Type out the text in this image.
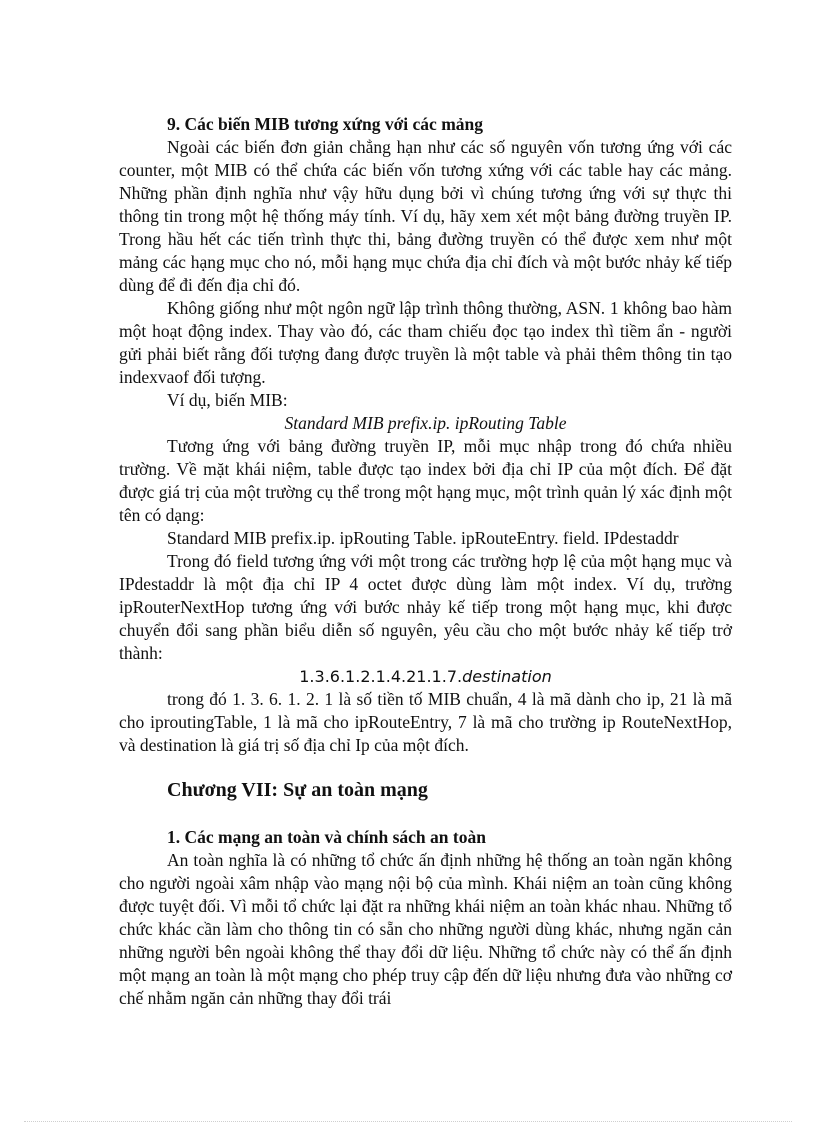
9. Các biến MIB tương xứng với các mảng

Ngoài các biến đơn giản chẳng hạn như các số nguyên vốn tương ứng với các counter, một MIB có thể chứa các biến vốn tương xứng với các table hay các mảng. Những phần định nghĩa như vậy hữu dụng bởi vì chúng tương ứng với sự thực thi thông tin trong một hệ thống máy tính. Ví dụ, hãy xem xét một bảng đường truyền IP. Trong hầu hết các tiến trình thực thi, bảng đường truyền có thể được xem như một mảng các hạng mục cho nó, mỗi hạng mục chứa địa chỉ đích và một bước nhảy kế tiếp dùng để đi đến địa chỉ đó.

Không giống như một ngôn ngữ lập trình thông thường, ASN. 1 không bao hàm một hoạt động index. Thay vào đó, các tham chiếu đọc tạo index thì tiềm ẩn - người gửi phải biết rằng đối tượng đang được truyền là một table và phải thêm thông tin tạo indexvaof đối tượng.

Ví dụ, biến MIB:

Standard MIB prefix.ip. ipRouting Table

Tương ứng với bảng đường truyền IP, mỗi mục nhập trong đó chứa nhiều trường. Về mặt khái niệm, table được tạo index bởi địa chỉ IP của một đích. Để đặt được giá trị của một trường cụ thể trong một hạng mục, một trình quản lý xác định một tên có dạng:

Standard MIB prefix.ip. ipRouting Table. ipRouteEntry. field. IPdestaddr

Trong đó field tương ứng với một trong các trường hợp lệ của một hạng mục và IPdestaddr là một địa chỉ IP 4 octet được dùng làm một index. Ví dụ, trường ipRouterNextHop tương ứng với bước nhảy kế tiếp trong một hạng mục, khi được chuyển đổi sang phần biểu diễn số nguyên, yêu cầu cho một bước nhảy kế tiếp trở thành:

1.3.6.1.2.1.4.21.1.7.destination

trong đó 1. 3. 6. 1. 2. 1 là số tiền tố MIB chuẩn, 4 là mã dành cho ip, 21 là mã cho iproutingTable, 1 là mã cho ipRouteEntry, 7 là mã cho trường ip RouteNextHop, và destination là giá trị số địa chỉ Ip của một đích.

Chương VII: Sự an toàn mạng
1. Các mạng an toàn và chính sách an toàn

An toàn nghĩa là có những tổ chức ấn định những hệ thống an toàn ngăn không cho người ngoài xâm nhập vào mạng nội bộ của mình. Khái niệm an toàn cũng không được tuyệt đối. Vì mỗi tổ chức lại đặt ra những khái niệm an toàn khác nhau. Những tổ chức khác cần làm cho thông tin có sẵn cho những người dùng khác, nhưng ngăn cản những người bên ngoài không thể thay đổi dữ liệu. Những tổ chức này có thể ấn định một mạng an toàn là một mạng cho phép truy cập đến dữ liệu nhưng đưa vào những cơ chế nhằm ngăn cản những thay đổi trái
